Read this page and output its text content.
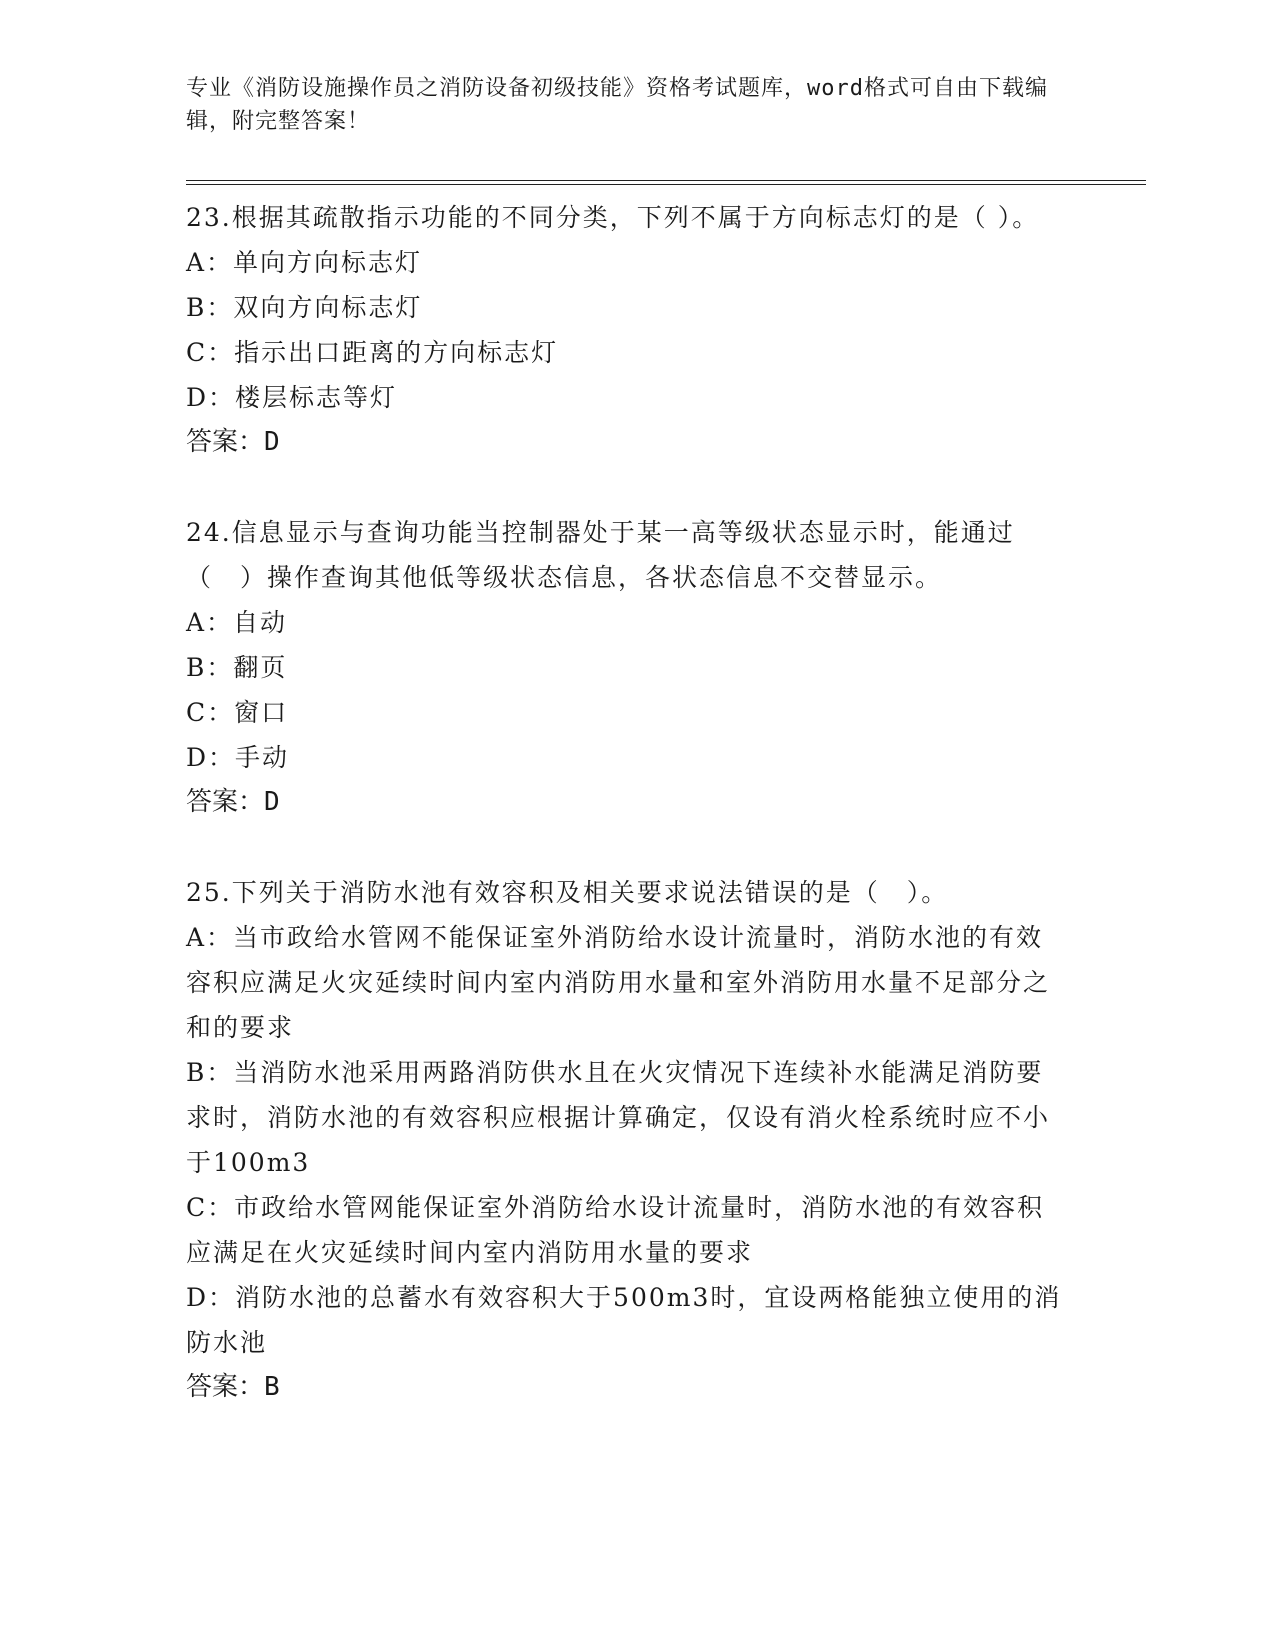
专业《消防设施操作员之消防设备初级技能》资格考试题库，word格式可自由下载编辑，附完整答案！

23.根据其疏散指示功能的不同分类，下列不属于方向标志灯的是（ ）。

A：单向方向标志灯

B：双向方向标志灯

C：指示出口距离的方向标志灯

D：楼层标志等灯

答案：D

24.信息显示与查询功能当控制器处于某一高等级状态显示时，能通过（　）操作查询其他低等级状态信息，各状态信息不交替显示。

A：自动

B：翻页

C：窗口

D：手动

答案：D

25.下列关于消防水池有效容积及相关要求说法错误的是（　）。

A：当市政给水管网不能保证室外消防给水设计流量时，消防水池的有效容积应满足火灾延续时间内室内消防用水量和室外消防用水量不足部分之和的要求

B：当消防水池采用两路消防供水且在火灾情况下连续补水能满足消防要求时，消防水池的有效容积应根据计算确定，仅设有消火栓系统时应不小于100m3

C：市政给水管网能保证室外消防给水设计流量时，消防水池的有效容积应满足在火灾延续时间内室内消防用水量的要求

D：消防水池的总蓄水有效容积大于500m3时，宜设两格能独立使用的消防水池

答案：B
